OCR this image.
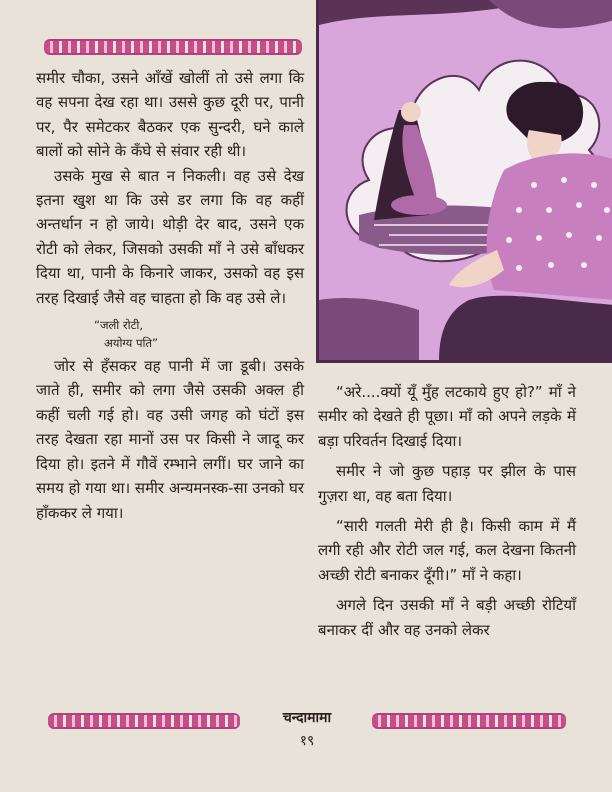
समीर चौका, उसने आँखें खोलीं तो उसे लगा कि वह सपना देख रहा था। उससे कुछ दूरी पर, पानी पर, पैर समेटकर बैठकर एक सुन्दरी, घने काले बालों को सोने के कँघे से संवार रही थी।

उसके मुख से बात न निकली। वह उसे देख इतना खुश था कि उसे डर लगा कि वह कहीं अन्तर्धान न हो जाये। थोड़ी देर बाद, उसने एक रोटी को लेकर, जिसको उसकी माँ ने उसे बाँधकर दिया था, पानी के किनारे जाकर, उसको वह इस तरह दिखाई जैसे वह चाहता हो कि वह उसे ले।

“जली रोटी,
अयोग्य पति”

जोर से हँसकर वह पानी में जा डूबी। उसके जाते ही, समीर को लगा जैसे उसकी अक्ल ही कहीं चली गई हो। वह उसी जगह को घंटों इस तरह देखता रहा मानों उस पर किसी ने जादू कर दिया हो। इतने में गौवें रम्भाने लगीं। घर जाने का समय हो गया था। समीर अन्यमनस्क-सा उनको घर हाँककर ले गया।

“अरे....क्यों यूँ मुँह लटकाये हुए हो?” माँ ने समीर को देखते ही पूछा। माँ को अपने लड़के में बड़ा परिवर्तन दिखाई दिया।

समीर ने जो कुछ पहाड़ पर झील के पास गुज़रा था, वह बता दिया।

“सारी गलती मेरी ही है। किसी काम में मैं लगी रही और रोटी जल गई, कल देखना कितनी अच्छी रोटी बनाकर दूँगी।” माँ ने कहा।

अगले दिन उसकी माँ ने बड़ी अच्छी रोटियाँ बनाकर दीं और वह उनको लेकर

चन्दामामा
१९
